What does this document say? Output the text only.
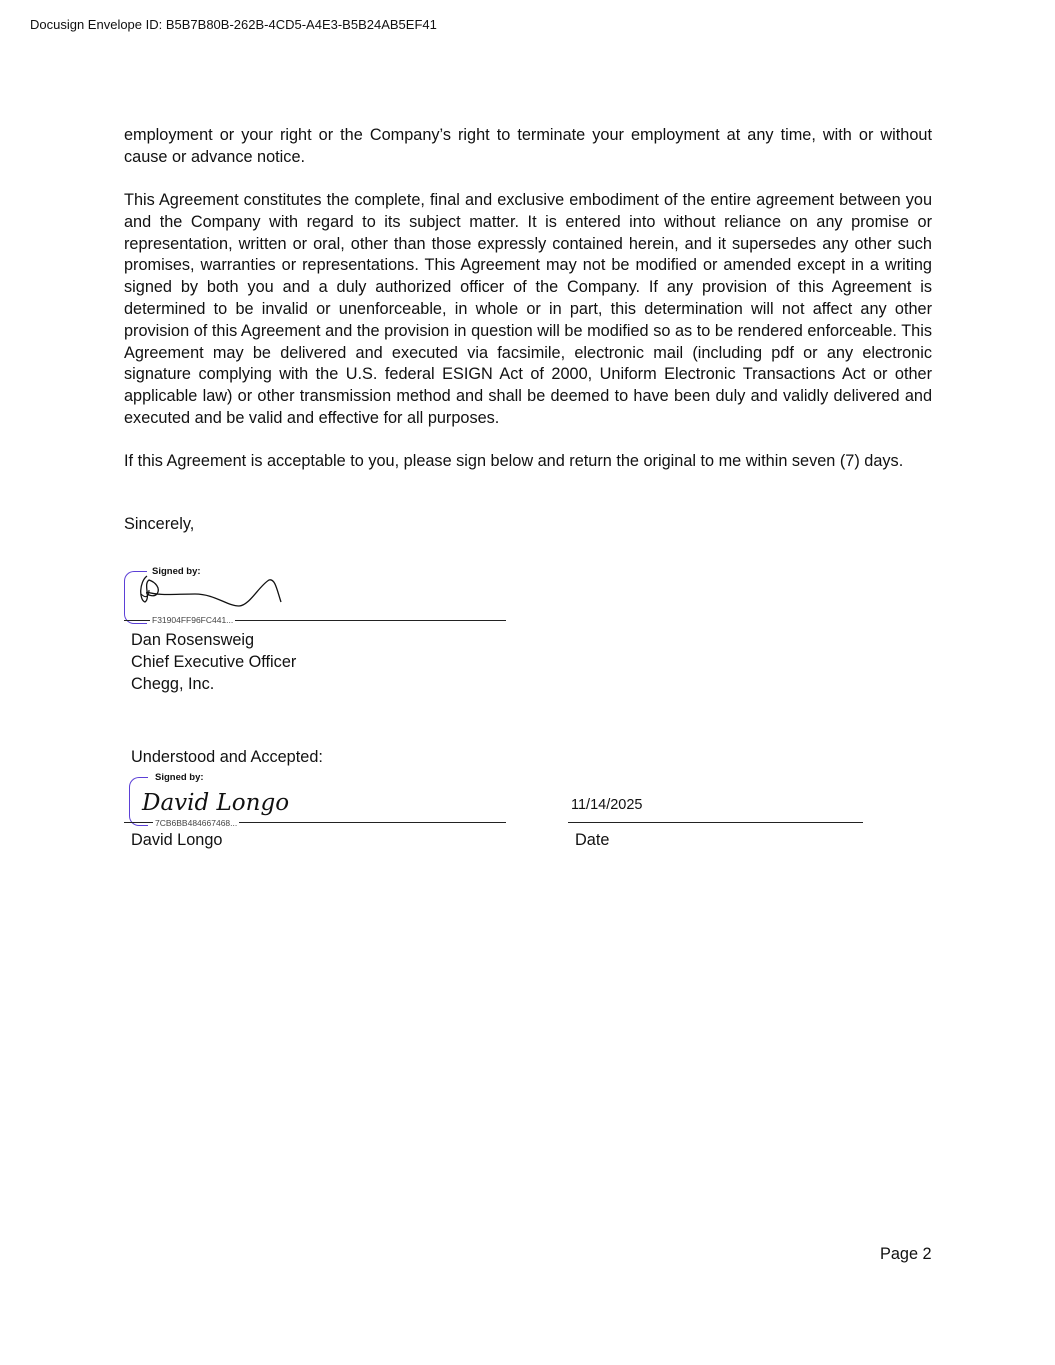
Docusign Envelope ID: B5B7B80B-262B-4CD5-A4E3-B5B24AB5EF41

employment or your right or the Company’s right to terminate your employment at any time, with or without cause or advance notice.

This Agreement constitutes the complete, final and exclusive embodiment of the entire agreement between you and the Company with regard to its subject matter. It is entered into without reliance on any promise or representation, written or oral, other than those expressly contained herein, and it supersedes any other such promises, warranties or representations. This Agreement may not be modified or amended except in a writing signed by both you and a duly authorized officer of the Company. If any provision of this Agreement is determined to be invalid or unenforceable, in whole or in part, this determination will not affect any other provision of this Agreement and the provision in question will be modified so as to be rendered enforceable. This Agreement may be delivered and executed via facsimile, electronic mail (including pdf or any electronic signature complying with the U.S. federal ESIGN Act of 2000, Uniform Electronic Transactions Act or other applicable law) or other transmission method and shall be deemed to have been duly and validly delivered and executed and be valid and effective for all purposes.

If this Agreement is acceptable to you, please sign below and return the original to me within seven (7) days.

Sincerely,
Signed by:
F31904FF96FC441...
Dan Rosensweig
Chief Executive Officer
Chegg, Inc.
Understood and Accepted:
Signed by:
David Longo
7CB6BB484667468...
11/14/2025
David Longo	Date
Page 2
